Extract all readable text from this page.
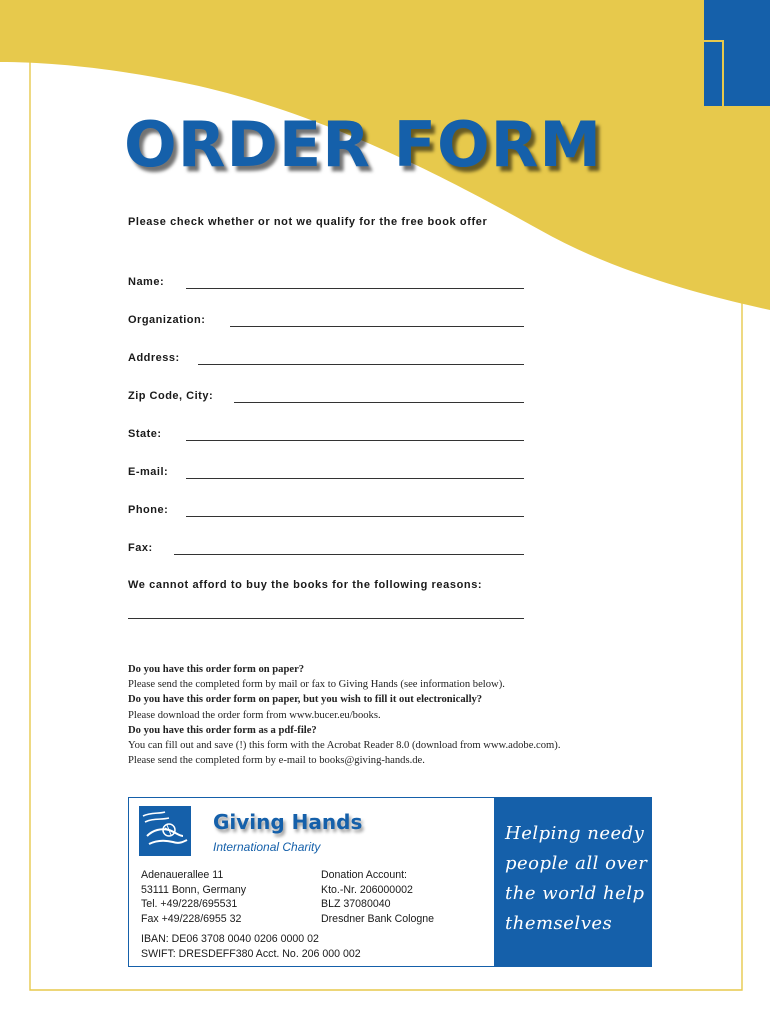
ORDER FORM
Please check whether or not we qualify for the free book offer
Name:
Organization:
Address:
Zip Code, City:
State:
E-mail:
Phone:
Fax:
We cannot afford to buy the books for the following reasons:
Do you have this order form on paper?
Please send the completed form by mail or fax to Giving Hands (see information below).
Do you have this order form on paper, but you wish to fill it out electronically?
Please download the order form from www.bucer.eu/books.
Do you have this order form as a pdf-file?
You can fill out and save (!) this form with the Acrobat Reader 8.0 (download from www.adobe.com).
Please send the completed form by e-mail to books@giving-hands.de.
Giving Hands
International Charity
Adenauerallee 11
53111 Bonn, Germany
Tel. +49/228/695531
Fax +49/228/6955 32
Donation Account:
Kto.-Nr. 206000002
BLZ 37080040
Dresdner Bank Cologne
IBAN: DE06 3708 0040 0206 0000 02
SWIFT: DRESDEFF380 Acct. No. 206 000 002
Helping needy
people all over
the world help
themselves
